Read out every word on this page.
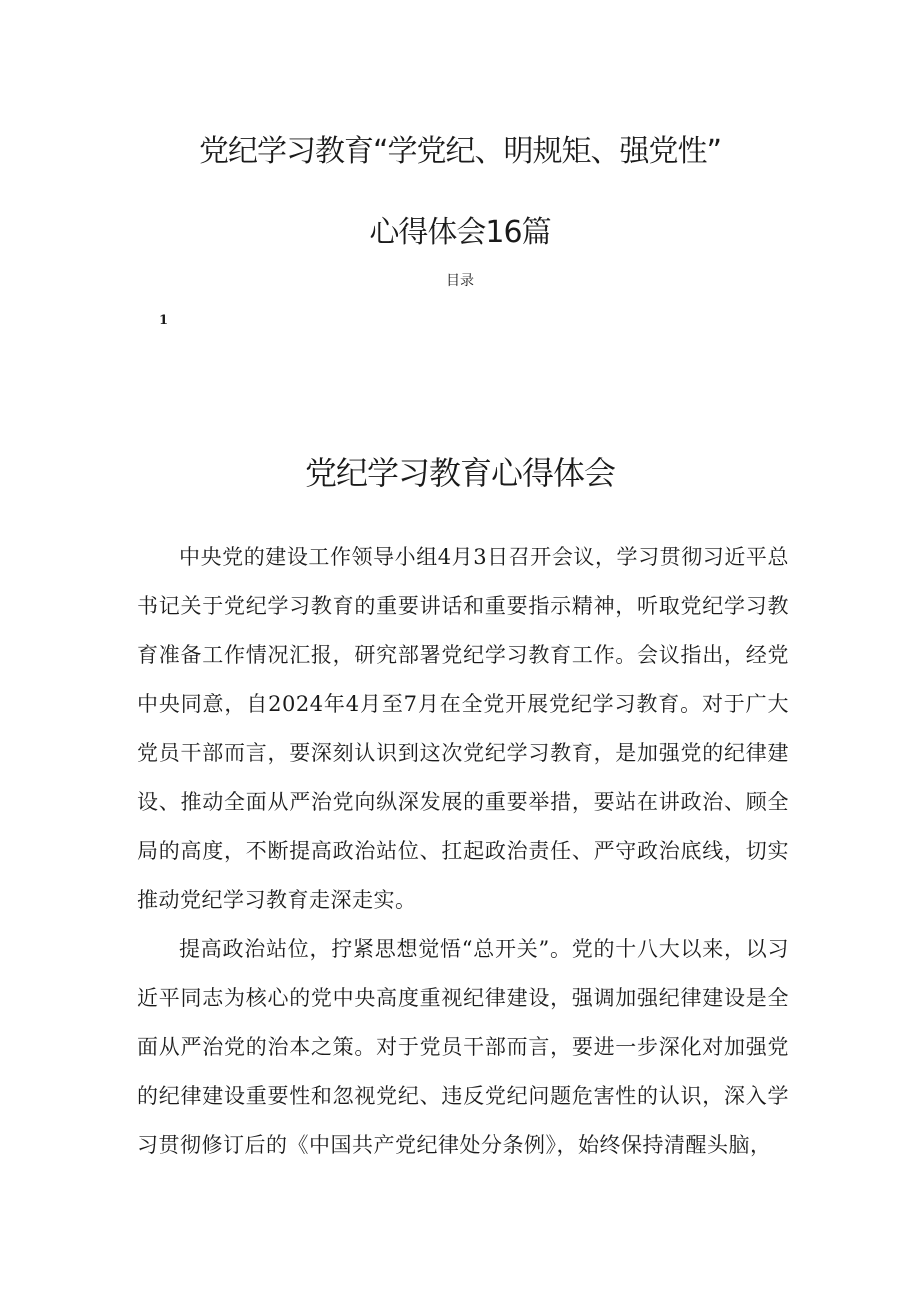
党纪学习教育“学党纪、明规矩、强党性”
心得体会16篇
目录
1
党纪学习教育心得体会

中央党的建设工作领导小组4月3日召开会议，学习贯彻习近平总书记关于党纪学习教育的重要讲话和重要指示精神，听取党纪学习教育准备工作情况汇报，研究部署党纪学习教育工作。会议指出，经党中央同意，自2024年4月至7月在全党开展党纪学习教育。对于广大党员干部而言，要深刻认识到这次党纪学习教育，是加强党的纪律建设、推动全面从严治党向纵深发展的重要举措，要站在讲政治、顾全局的高度，不断提高政治站位、扛起政治责任、严守政治底线，切实推动党纪学习教育走深走实。

提高政治站位，拧紧思想觉悟“总开关”。党的十八大以来，以习近平同志为核心的党中央高度重视纪律建设，强调加强纪律建设是全面从严治党的治本之策。对于党员干部而言，要进一步深化对加强党的纪律建设重要性和忽视党纪、违反党纪问题危害性的认识，深入学习贯彻修订后的《中国共产党纪律处分条例》，始终保持清醒头脑，
